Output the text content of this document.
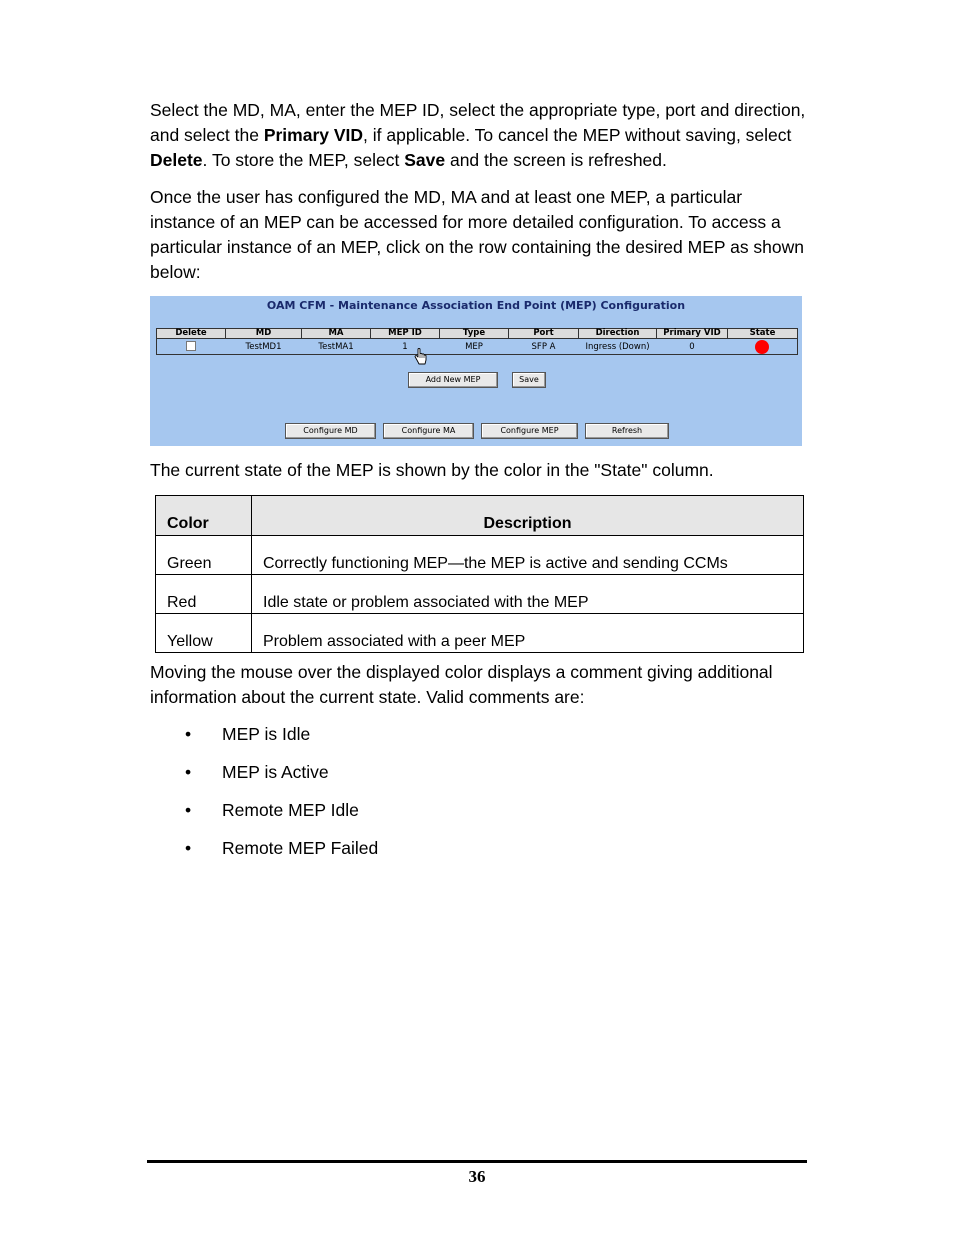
Select the MD, MA, enter the MEP ID, select the appropriate type, port and direction, and select the Primary VID, if applicable. To cancel the MEP without saving, select Delete. To store the MEP, select Save and the screen is refreshed.

Once the user has configured the MD, MA and at least one MEP, a particular instance of an MEP can be accessed for more detailed configuration. To access a particular instance of an MEP, click on the row containing the desired MEP as shown below:

OAM CFM - Maintenance Association End Point (MEP) Configuration
Delete	MD	MA	MEP ID	Type	Port	Direction	Primary VID	State
	TestMD1	TestMA1	1	MEP	SFP A	Ingress (Down)	0	
Add New MEP	Save
Configure MD	Configure MA	Configure MEP	Refresh

The current state of the MEP is shown by the color in the "State" column.

Color	Description
Green	Correctly functioning MEP—the MEP is active and sending CCMs
Red	Idle state or problem associated with the MEP
Yellow	Problem associated with a peer MEP

Moving the mouse over the displayed color displays a comment giving additional information about the current state. Valid comments are:

• MEP is Idle
• MEP is Active
• Remote MEP Idle
• Remote MEP Failed
36
